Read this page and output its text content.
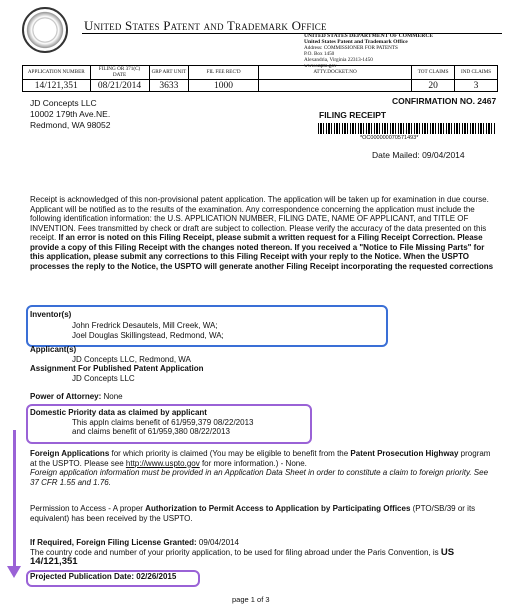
United States Patent and Trademark Office
UNITED STATES DEPARTMENT OF COMMERCE
United States Patent and Trademark Office
Address: COMMISSIONER FOR PATENTS
P.O. Box 1450
Alexandria, Virginia 22313-1450
www.uspto.gov
APPLICATION NUMBER	FILING OR 371(C) DATE	GRP ART UNIT	FIL FEE REC'D	ATTY.DOCKET.NO	TOT CLAIMS	IND CLAIMS
14/121,351	08/21/2014	3633	1000		20	3
CONFIRMATION NO. 2467
FILING RECEIPT
*OC000000070571493*
JD Concepts LLC
10002 179th Ave.NE.
Redmond, WA 98052
Date Mailed: 09/04/2014
Receipt is acknowledged of this non-provisional patent application. The application will be taken up for examination in due course. Applicant will be notified as to the results of the examination. Any correspondence concerning the application must include the following identification information: the U.S. APPLICATION NUMBER, FILING DATE, NAME OF APPLICANT, and TITLE OF INVENTION. Fees transmitted by check or draft are subject to collection. Please verify the accuracy of the data presented on this receipt. If an error is noted on this Filing Receipt, please submit a written request for a Filing Receipt Correction. Please provide a copy of this Filing Receipt with the changes noted thereon. If you received a "Notice to File Missing Parts" for this application, please submit any corrections to this Filing Receipt with your reply to the Notice. When the USPTO processes the reply to the Notice, the USPTO will generate another Filing Receipt incorporating the requested corrections
Inventor(s)
John Fredrick Desautels, Mill Creek, WA;
Joel Douglas Skillingstead, Redmond, WA;
Applicant(s)
JD Concepts LLC, Redmond, WA
Assignment For Published Patent Application
JD Concepts LLC
Power of Attorney: None
Domestic Priority data as claimed by applicant
This appln claims benefit of 61/959,379 08/22/2013
and claims benefit of 61/959,380 08/22/2013
Foreign Applications for which priority is claimed (You may be eligible to benefit from the Patent Prosecution Highway program at the USPTO. Please see http://www.uspto.gov for more information.) - None.
Foreign application information must be provided in an Application Data Sheet in order to constitute a claim to foreign priority. See 37 CFR 1.55 and 1.76.
Permission to Access - A proper Authorization to Permit Access to Application by Participating Offices (PTO/SB/39 or its equivalent) has been received by the USPTO.
If Required, Foreign Filing License Granted: 09/04/2014
The country code and number of your priority application, to be used for filing abroad under the Paris Convention, is US 14/121,351
Projected Publication Date: 02/26/2015
page 1 of 3
